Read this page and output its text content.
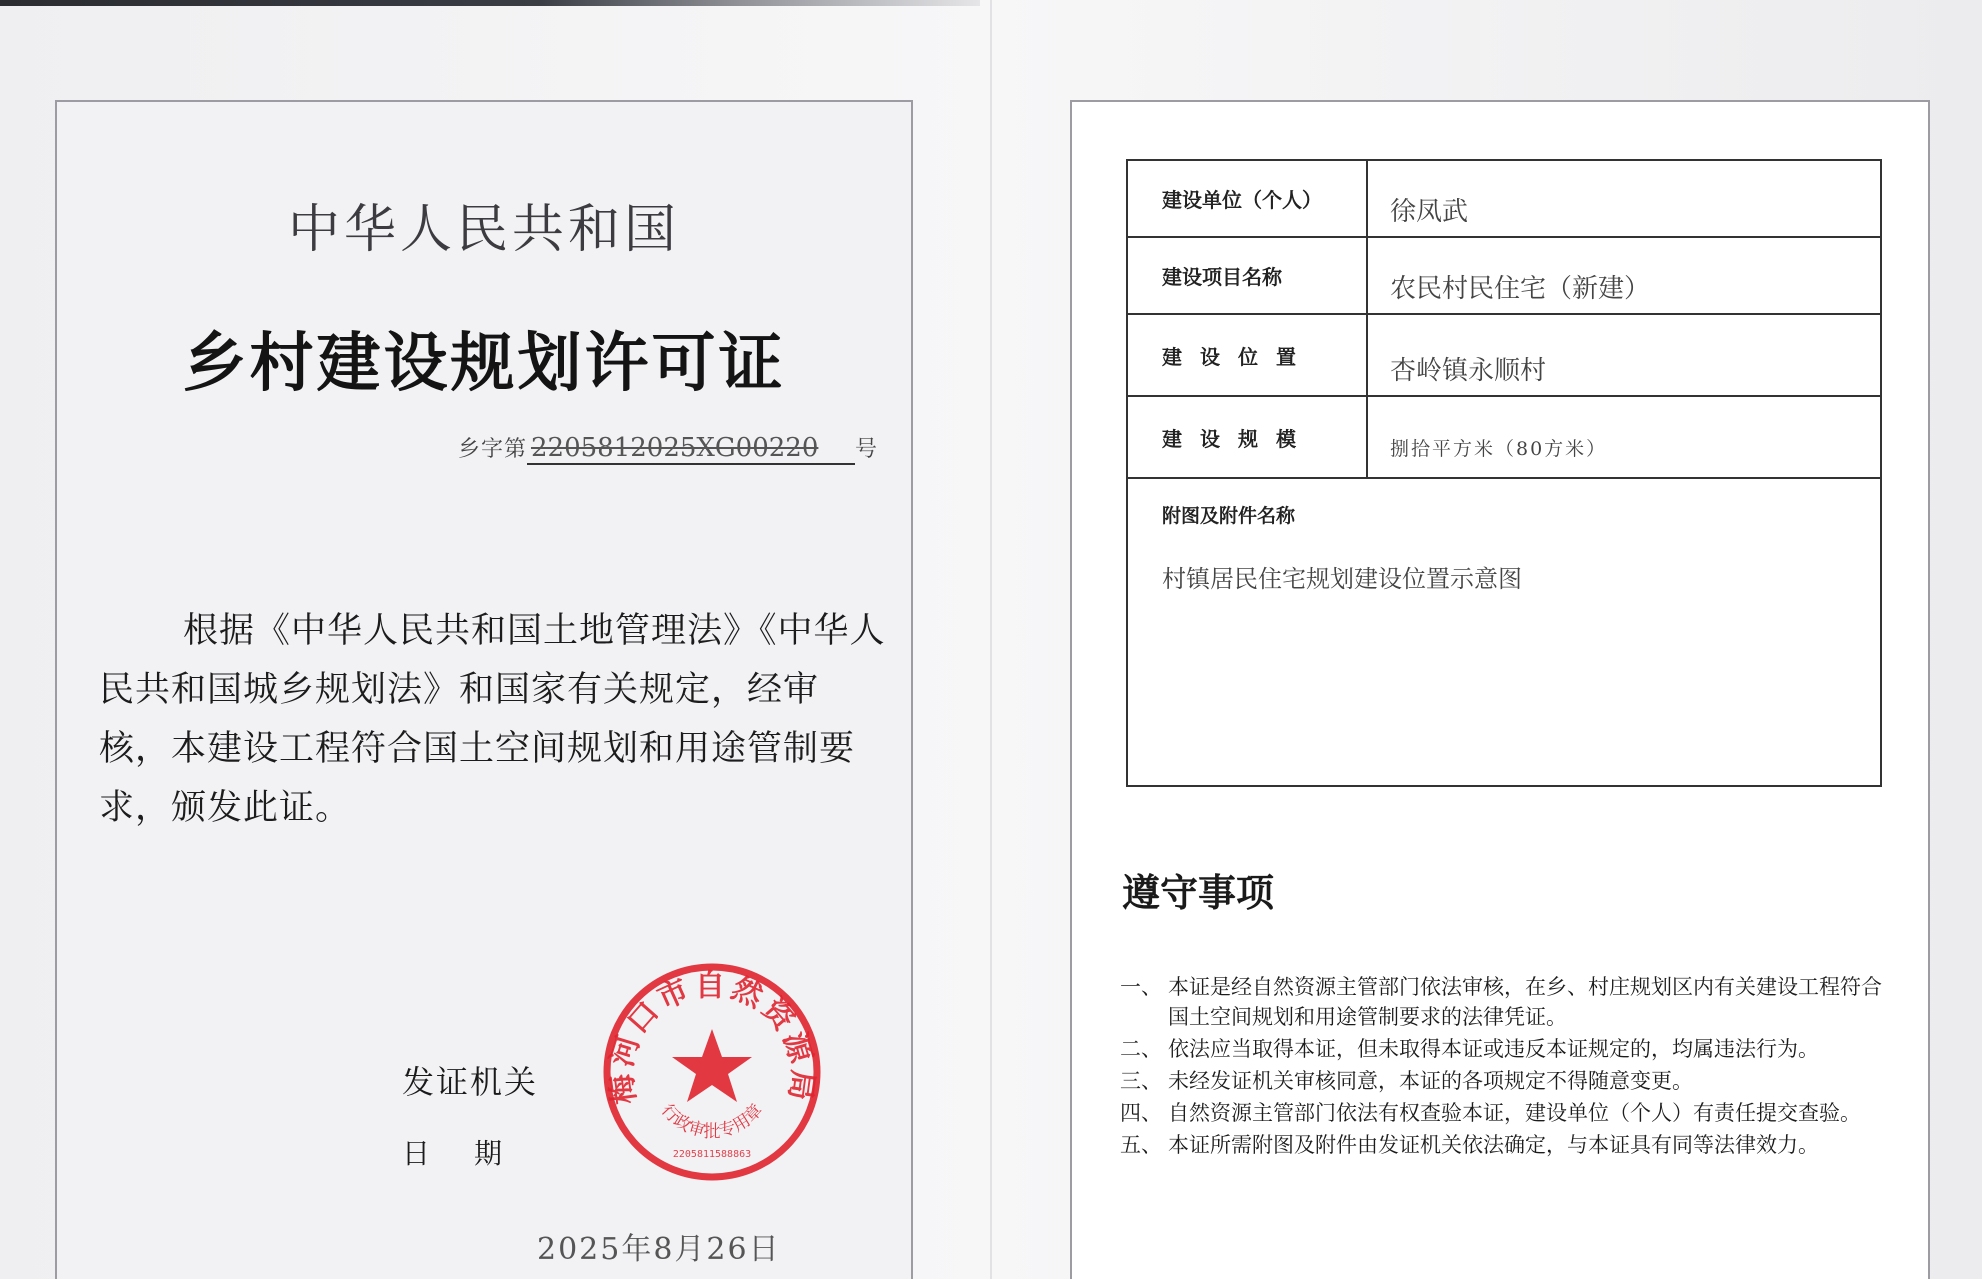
中华人民共和国
乡村建设规划许可证
乡字第 2205812025XG00220 号
根据《中华人民共和国土地管理法》《中华人民共和国城乡规划法》和国家有关规定，经审核，本建设工程符合国土空间规划和用途管制要求，颁发此证。
发证机关
日期
2025年8月26日
梅河口市自然资源局
行政审批专用章
2205811588863
建设单位（个人）	徐凤武
建设项目名称	农民村民住宅（新建）
建设位置	杏岭镇永顺村
建设规模	捌拾平方米（80方米）
附图及附件名称
村镇居民住宅规划建设位置示意图
遵守事项
一、 本证是经自然资源主管部门依法审核，在乡、村庄规划区内有关建设工程符合国土空间规划和用途管制要求的法律凭证。
二、 依法应当取得本证，但未取得本证或违反本证规定的，均属违法行为。
三、 未经发证机关审核同意，本证的各项规定不得随意变更。
四、 自然资源主管部门依法有权查验本证，建设单位（个人）有责任提交查验。
五、 本证所需附图及附件由发证机关依法确定，与本证具有同等法律效力。
